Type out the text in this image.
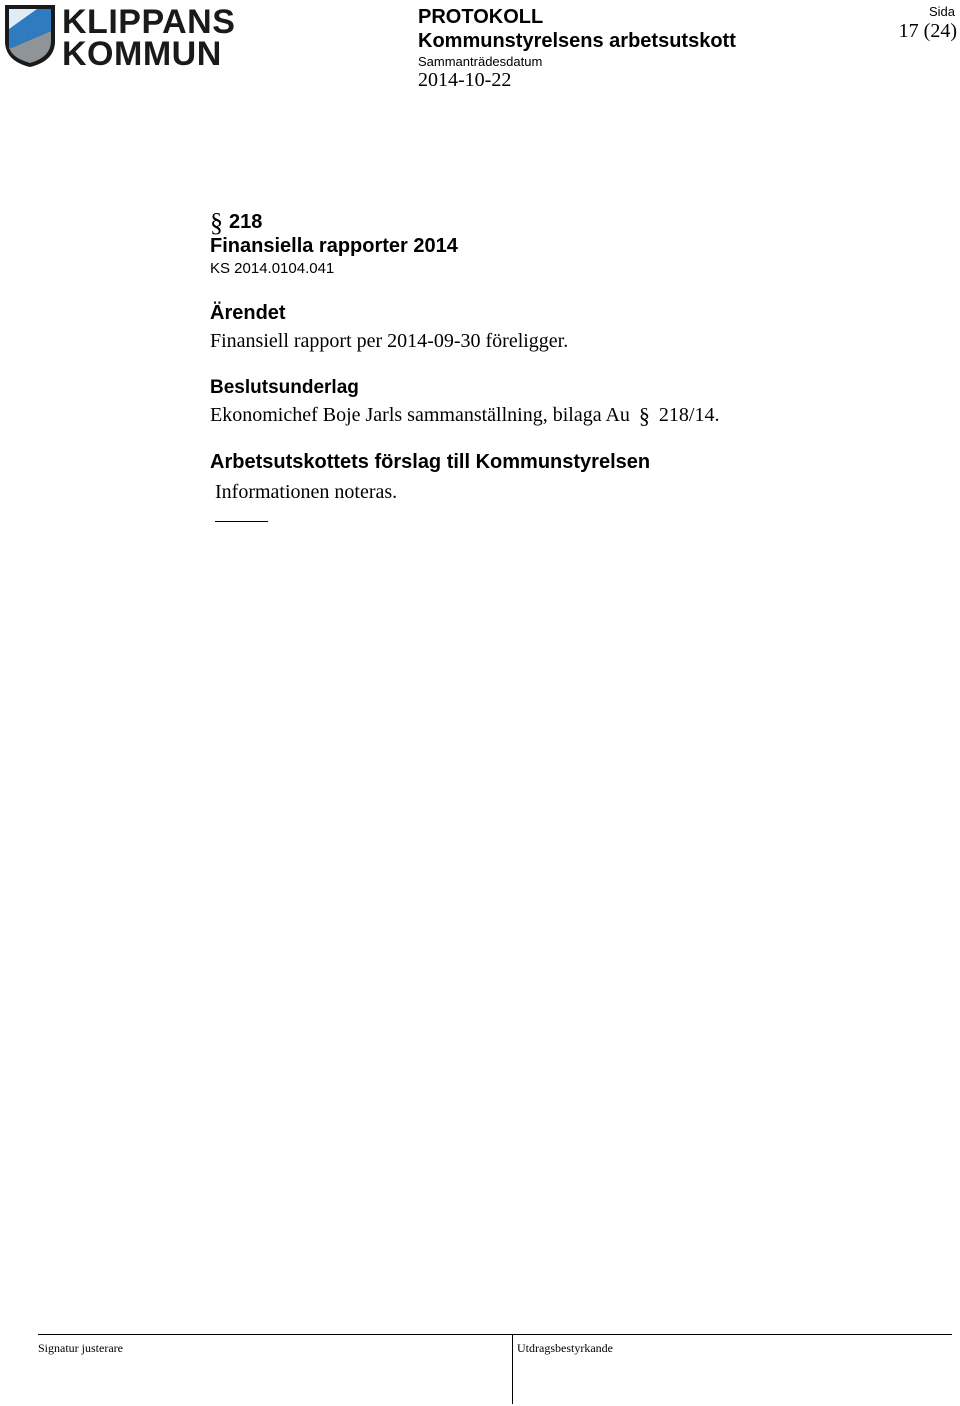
KLIPPANS
KOMMUN
PROTOKOLL
Kommunstyrelsens arbetsutskott
Sammanträdesdatum
2014-10-22
Sida
17 (24)
§ 218
Finansiella rapporter 2014
KS 2014.0104.041
Ärendet
Finansiell rapport per 2014-09-30 föreligger.
Beslutsunderlag
Ekonomichef Boje Jarls sammanställning, bilaga Au § 218/14.
Arbetsutskottets förslag till Kommunstyrelsen
Informationen noteras.
Signatur justerare	Utdragsbestyrkande
